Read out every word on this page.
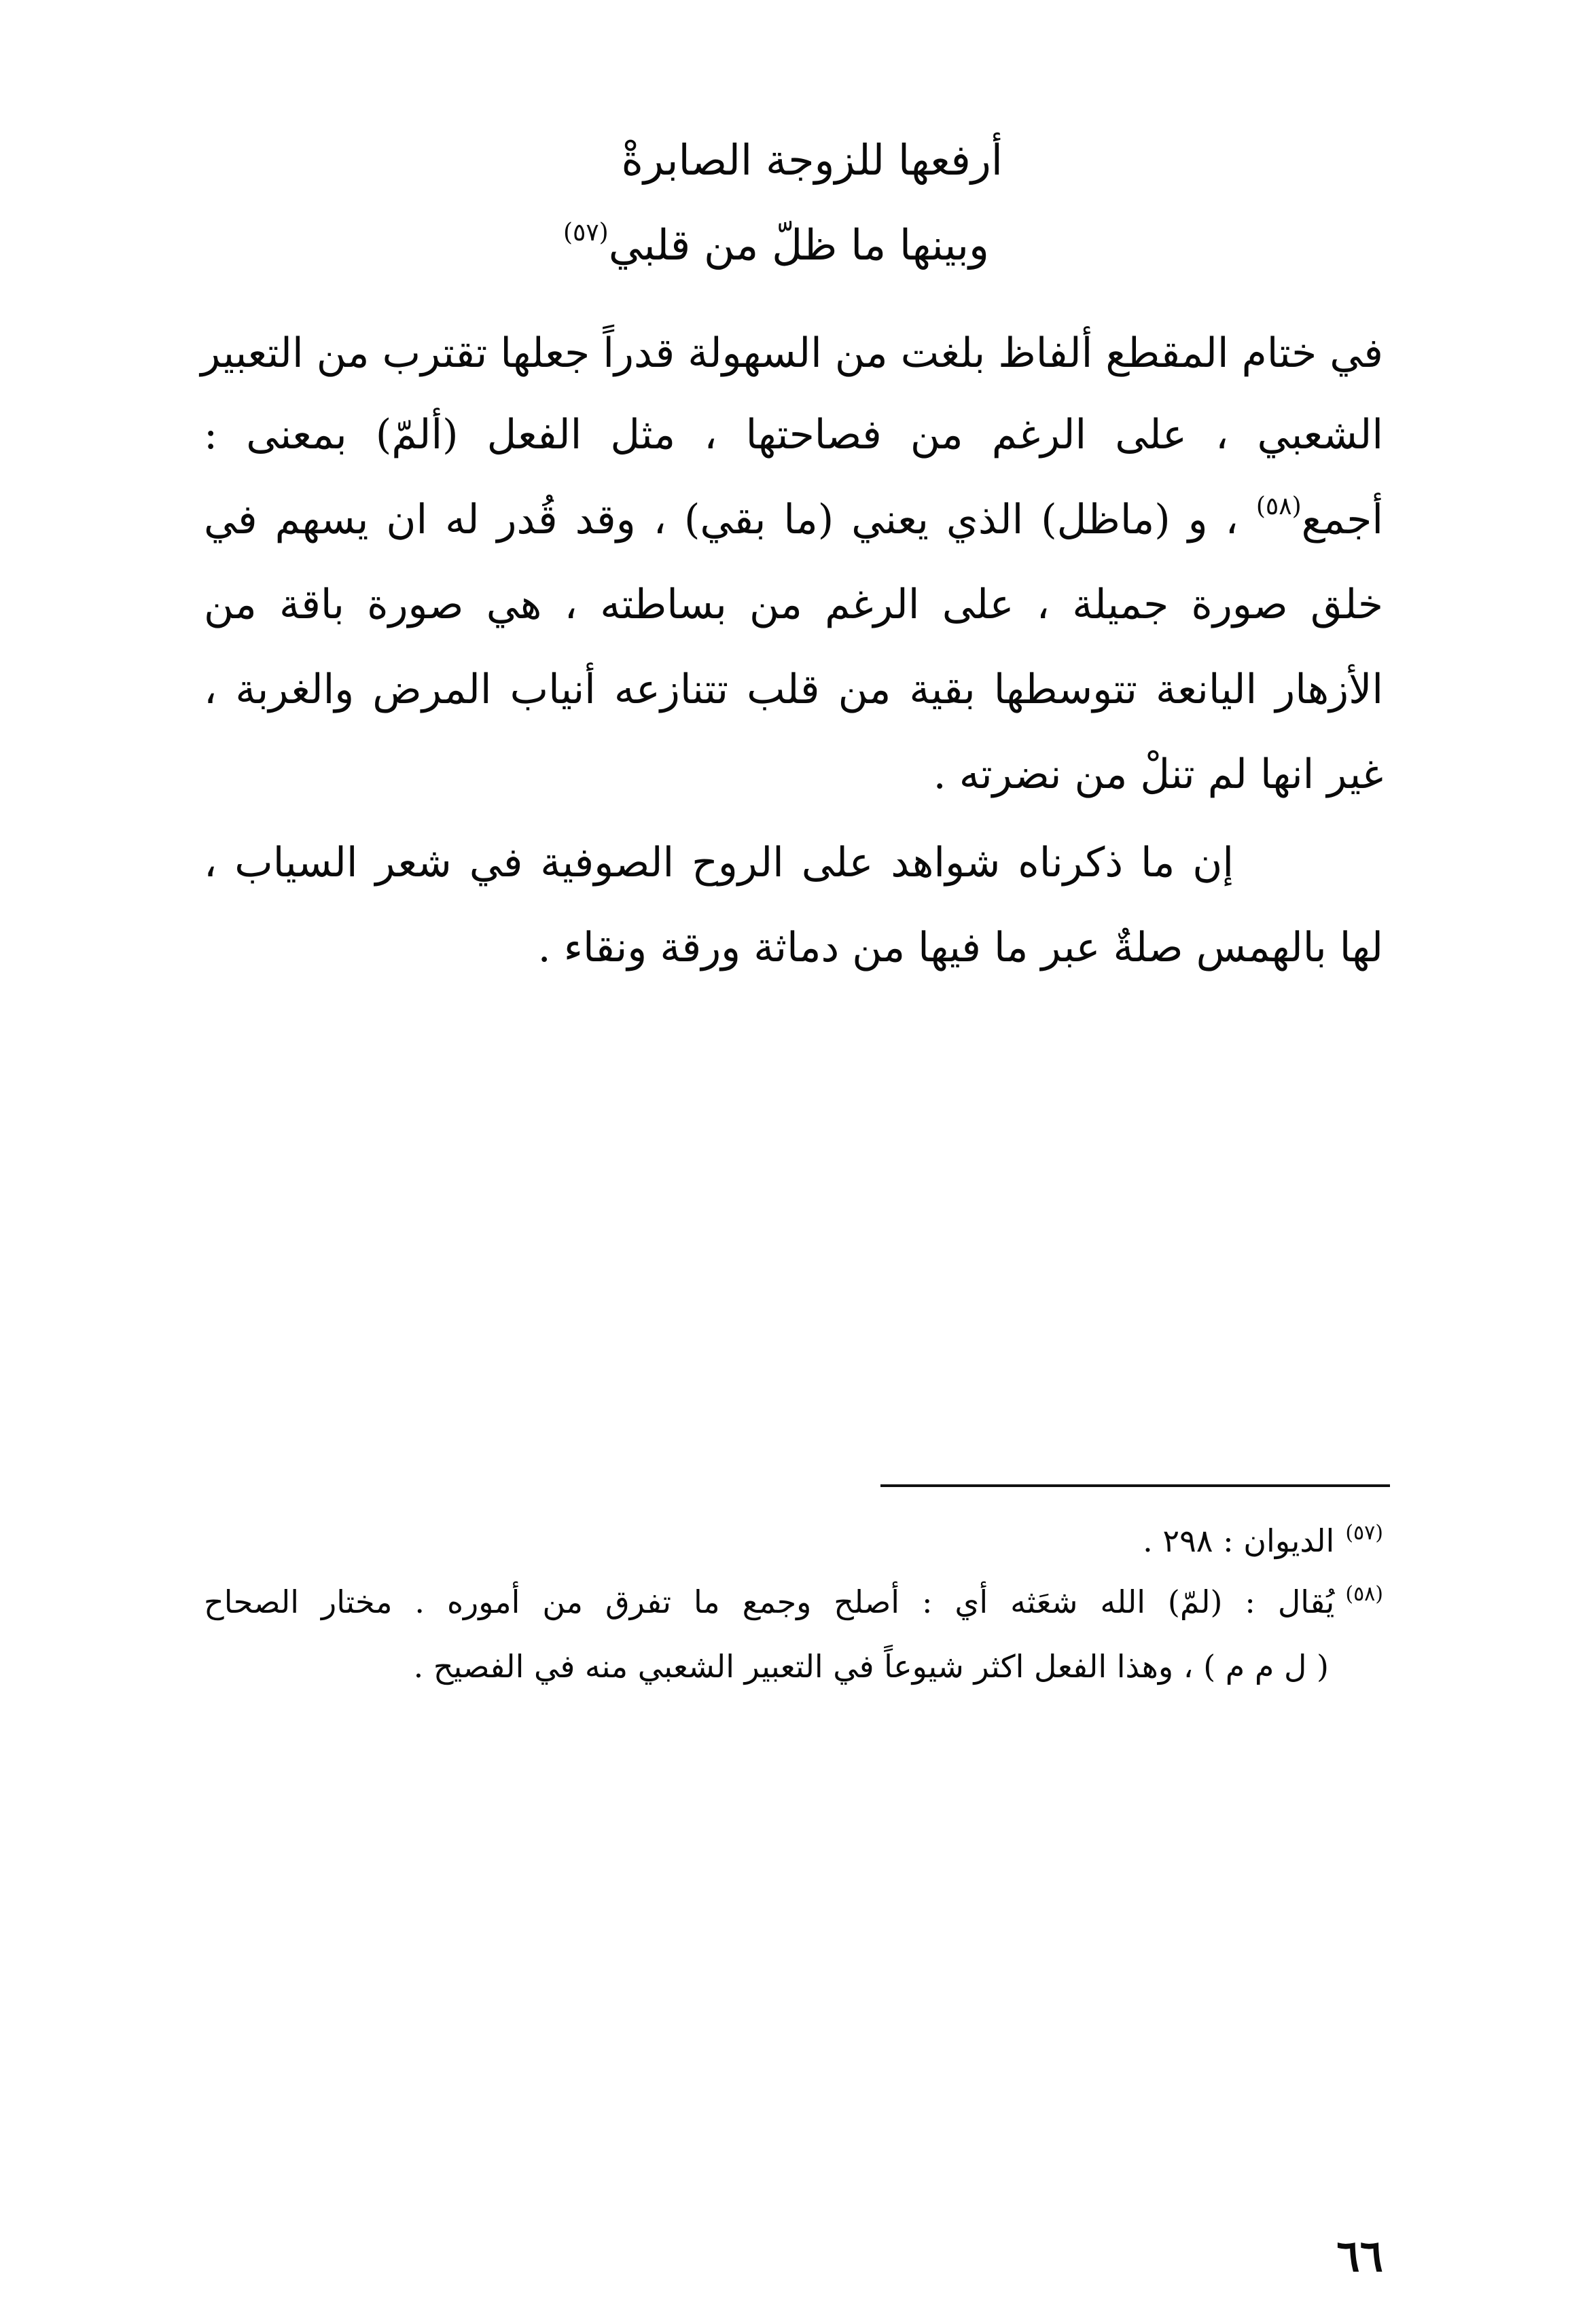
أرفعها للزوجة الصابرةْ
وبينها ما ظلّ من قلبي$^{(٥٧)}$
في ختام المقطع ألفاظ بلغت من السهولة قدراً جعلها تقترب من التعبير
الشعبي ، على الرغم من فصاحتها ، مثل الفعل (ألمّ) بمعنى :
أجمع$^{(٥٨)}$ ، و (ماظل) الذي يعني (ما بقي) ، وقد قُدر له ان يسهم في
خلق صورة جميلة ، على الرغم من بساطته ، هي صورة باقة من
الأزهار اليانعة تتوسطها بقية من قلب تتنازعه أنياب المرض والغربة ،
غير انها لم تنلْ من نضرته .
إن ما ذكرناه شواهد على الروح الصوفية في شعر السياب ،
لها بالهمس صلةٌ عبر ما فيها من دماثة ورقة ونقاء .
$^{(٥٧)}$الديوان : ٢٩٨ .
$^{(٥٨)}$يُقال : (لمّ) الله شعَثه أي : أصلح وجمع ما تفرق من أموره . مختار الصحاح
( ل م م ) ، وهذا الفعل اكثر شيوعاً في التعبير الشعبي منه في الفصيح .
٦٦
